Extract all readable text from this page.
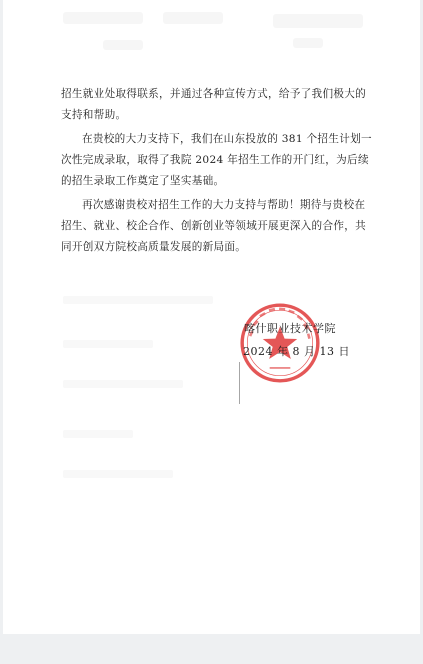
招生就业处取得联系，并通过各种宣传方式，给予了我们极大的
支持和帮助。

在贵校的大力支持下，我们在山东投放的 381 个招生计划一
次性完成录取，取得了我院 2024 年招生工作的开门红，为后续
的招生录取工作奠定了坚实基础。

再次感谢贵校对招生工作的大力支持与帮助！期待与贵校在
招生、就业、校企合作、创新创业等领域开展更深入的合作，共
同开创双方院校高质量发展的新局面。

喀什职业技术学院
2024 年 8 月 13 日
